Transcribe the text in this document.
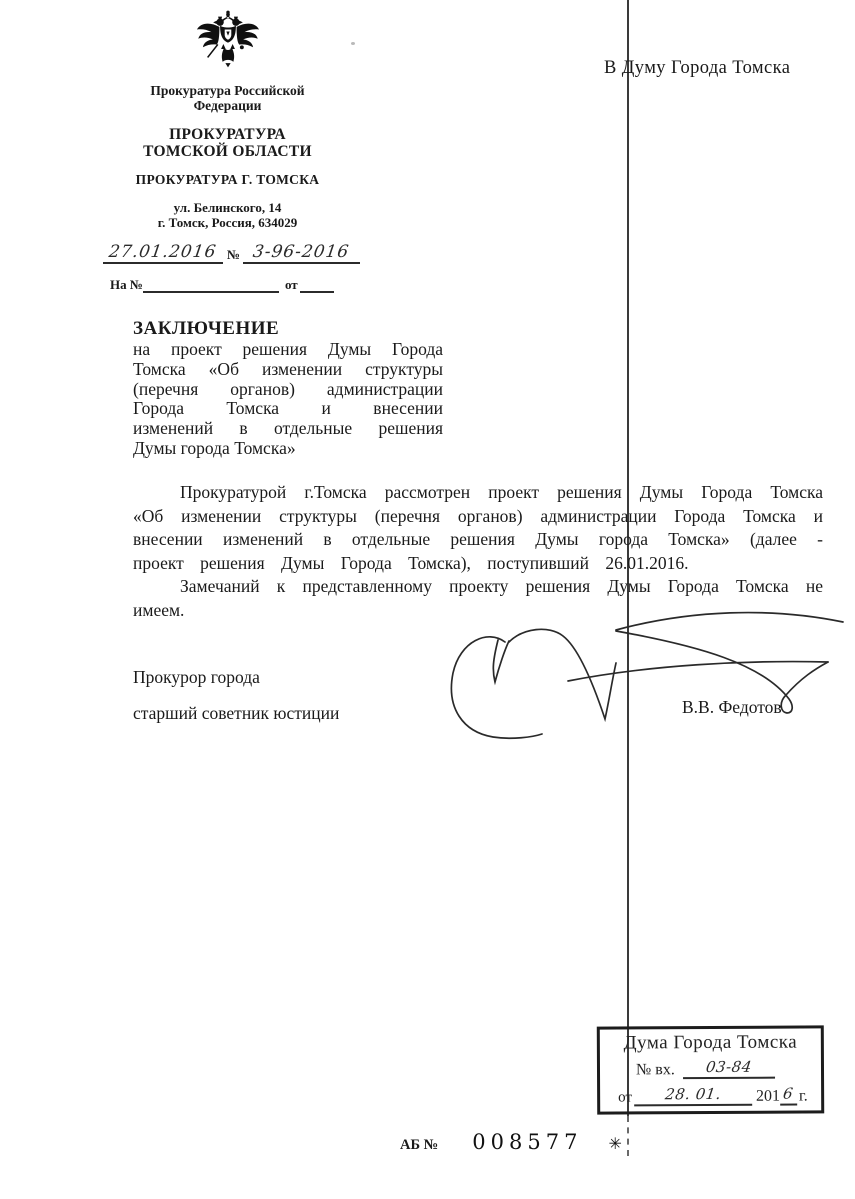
Прокуратура Российской
Федерации
ПРОКУРАТУРА
ТОМСКОЙ ОБЛАСТИ
ПРОКУРАТУРА Г. ТОМСКА
ул. Белинского, 14
г. Томск, Россия, 634029
27.01.2016 № 3-96-2016
На №	от
В Думу Города Томска
ЗАКЛЮЧЕНИЕ
на проект решения Думы Города
Томска «Об изменении структуры
(перечня органов) администрации
Города Томска и внесении
изменений в отдельные решения
Думы города Томска»

Прокуратурой г.Томска рассмотрен проект решения Думы Города Томска «Об изменении структуры (перечня органов) администрации Города Томска и внесении изменений в отдельные решения Думы города Томска» (далее - проект решения Думы Города Томска), поступивший 26.01.2016.

Замечаний к представленному проекту решения Думы Города Томска не имеем.

Прокурор города
старший советник юстиции	В.В. Федотов
Дума Города Томска
№ вх.	03-84
от	28. 01.	201 6 г.
АБ № 008577 ✳
